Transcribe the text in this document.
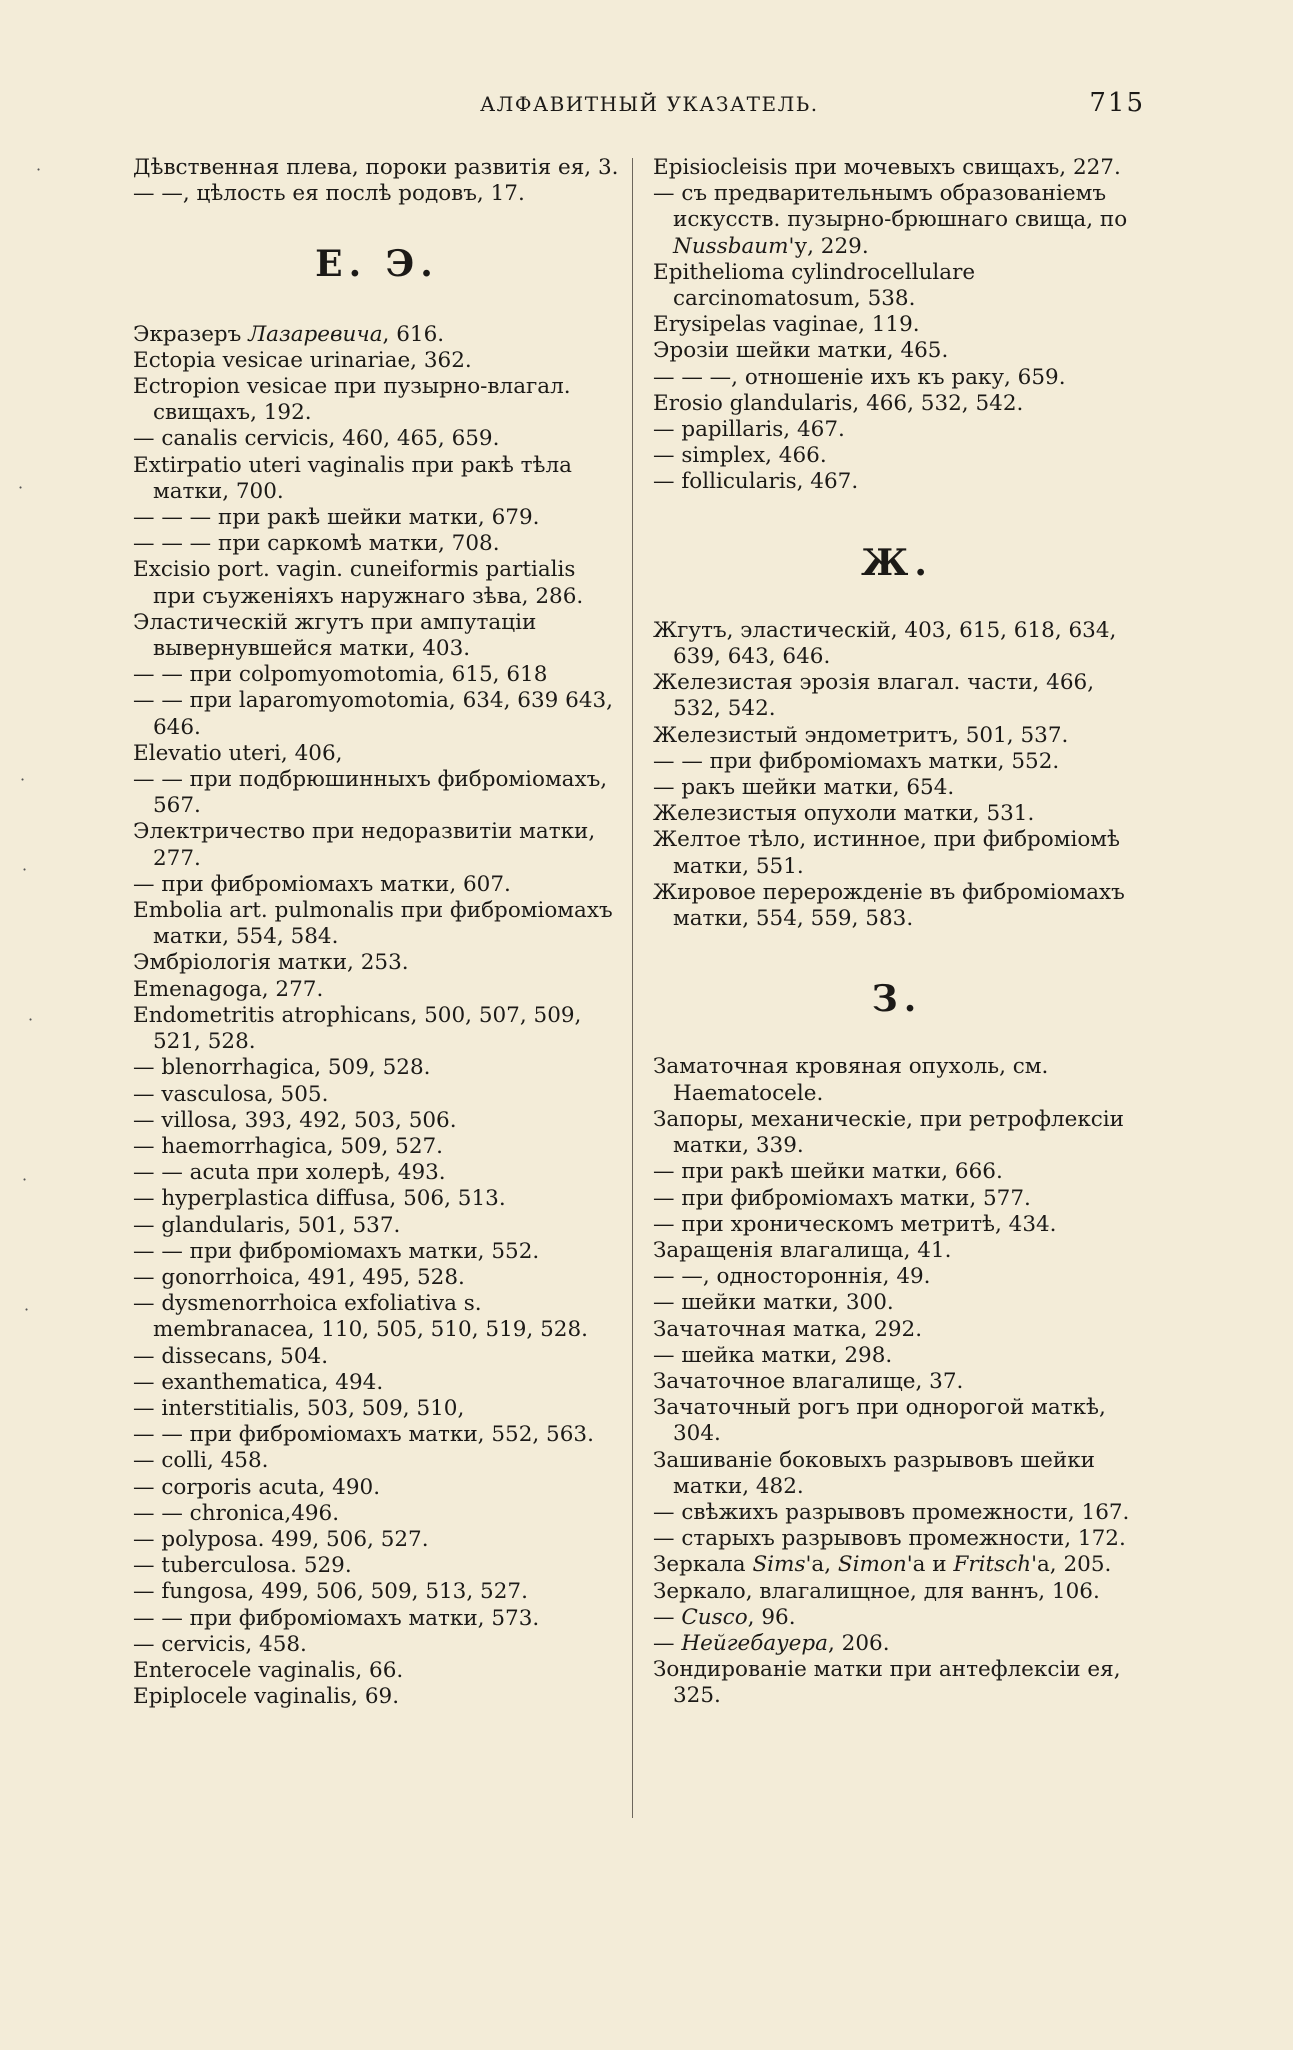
АЛФАВИТНЫЙ УКАЗАТЕЛЬ.	715
Дѣвственная плева, пороки развитія ея, 3.
— —, цѣлость ея послѣ родовъ, 17.
Е. Э.
Экразеръ Лазаревича, 616.
Ectopia vesicae urinariae, 362.
Ectropion vesicae при пузырно-влагал. свищахъ, 192.
— canalis cervicis, 460, 465, 659.
Extirpatio uteri vaginalis при ракѣ тѣла матки, 700.
— — — при ракѣ шейки матки, 679.
— — — при саркомѣ матки, 708.
Excisio port. vagin. cuneiformis partialis при съуженіяхъ наружнаго зѣва, 286.
Эластическій жгутъ при ампутаціи вывернувшейся матки, 403.
— — при colpomyomotomia, 615, 618
— — при laparomyomotomia, 634, 639 643, 646.
Elevatio uteri, 406,
— — при подбрюшинныхъ фиброміомахъ, 567.
Электричество при недоразвитіи матки, 277.
— при фиброміомахъ матки, 607.
Embolia art. pulmonalis при фиброміомахъ матки, 554, 584.
Эмбріологія матки, 253.
Emenagoga, 277.
Endometritis atrophicans, 500, 507, 509, 521, 528.
— blenorrhagica, 509, 528.
— vasculosa, 505.
— villosa, 393, 492, 503, 506.
— haemorrhagica, 509, 527.
— — acuta при холерѣ, 493.
— hyperplastica diffusa, 506, 513.
— glandularis, 501, 537.
— — при фиброміомахъ матки, 552.
— gonorrhoica, 491, 495, 528.
— dysmenorrhoica exfoliativa s. membranacea, 110, 505, 510, 519, 528.
— dissecans, 504.
— exanthematica, 494.
— interstitialis, 503, 509, 510,
— — при фиброміомахъ матки, 552, 563.
— colli, 458.
— corporis acuta, 490.
— — chronica,496.
— polyposa. 499, 506, 527.
— tuberculosa. 529.
— fungosa, 499, 506, 509, 513, 527.
— — при фиброміомахъ матки, 573.
— cervicis, 458.
Enterocele vaginalis, 66.
Epiplocele vaginalis, 69.
Episiocleisis при мочевыхъ свищахъ, 227.
— съ предварительнымъ образованіемъ искусств. пузырно-брюшнаго свища, по Nussbaum'у, 229.
Epithelioma cylindrocellulare carcinomatosum, 538.
Erysipelas vaginae, 119.
Эрозіи шейки матки, 465.
— — —, отношеніе ихъ къ раку, 659.
Erosio glandularis, 466, 532, 542.
— papillaris, 467.
— simplex, 466.
— follicularis, 467.
Ж.
Жгутъ, эластическій, 403, 615, 618, 634, 639, 643, 646.
Железистая эрозія влагал. части, 466, 532, 542.
Железистый эндометритъ, 501, 537.
— — при фиброміомахъ матки, 552.
— ракъ шейки матки, 654.
Железистыя опухоли матки, 531.
Желтое тѣло, истинное, при фиброміомѣ матки, 551.
Жировое перерожденіе въ фиброміомахъ матки, 554, 559, 583.
З.
Заматочная кровяная опухоль, см. Haematocele.
Запоры, механическіе, при ретрофлексіи матки, 339.
— при ракѣ шейки матки, 666.
— при фиброміомахъ матки, 577.
— при хроническомъ метритѣ, 434.
Заращенія влагалища, 41.
— —, одностороннія, 49.
— шейки матки, 300.
Зачаточная матка, 292.
— шейка матки, 298.
Зачаточное влагалище, 37.
Зачаточный рогъ при однорогой маткѣ, 304.
Зашиваніе боковыхъ разрывовъ шейки матки, 482.
— свѣжихъ разрывовъ промежности, 167.
— старыхъ разрывовъ промежности, 172.
Зеркала Sims'а, Simon'а и Fritsch'а, 205.
Зеркало, влагалищное, для ваннъ, 106.
— Cusco, 96.
— Нейгебауера, 206.
Зондированіе матки при антефлексіи ея, 325.
·
·
·
·
·
·
·
